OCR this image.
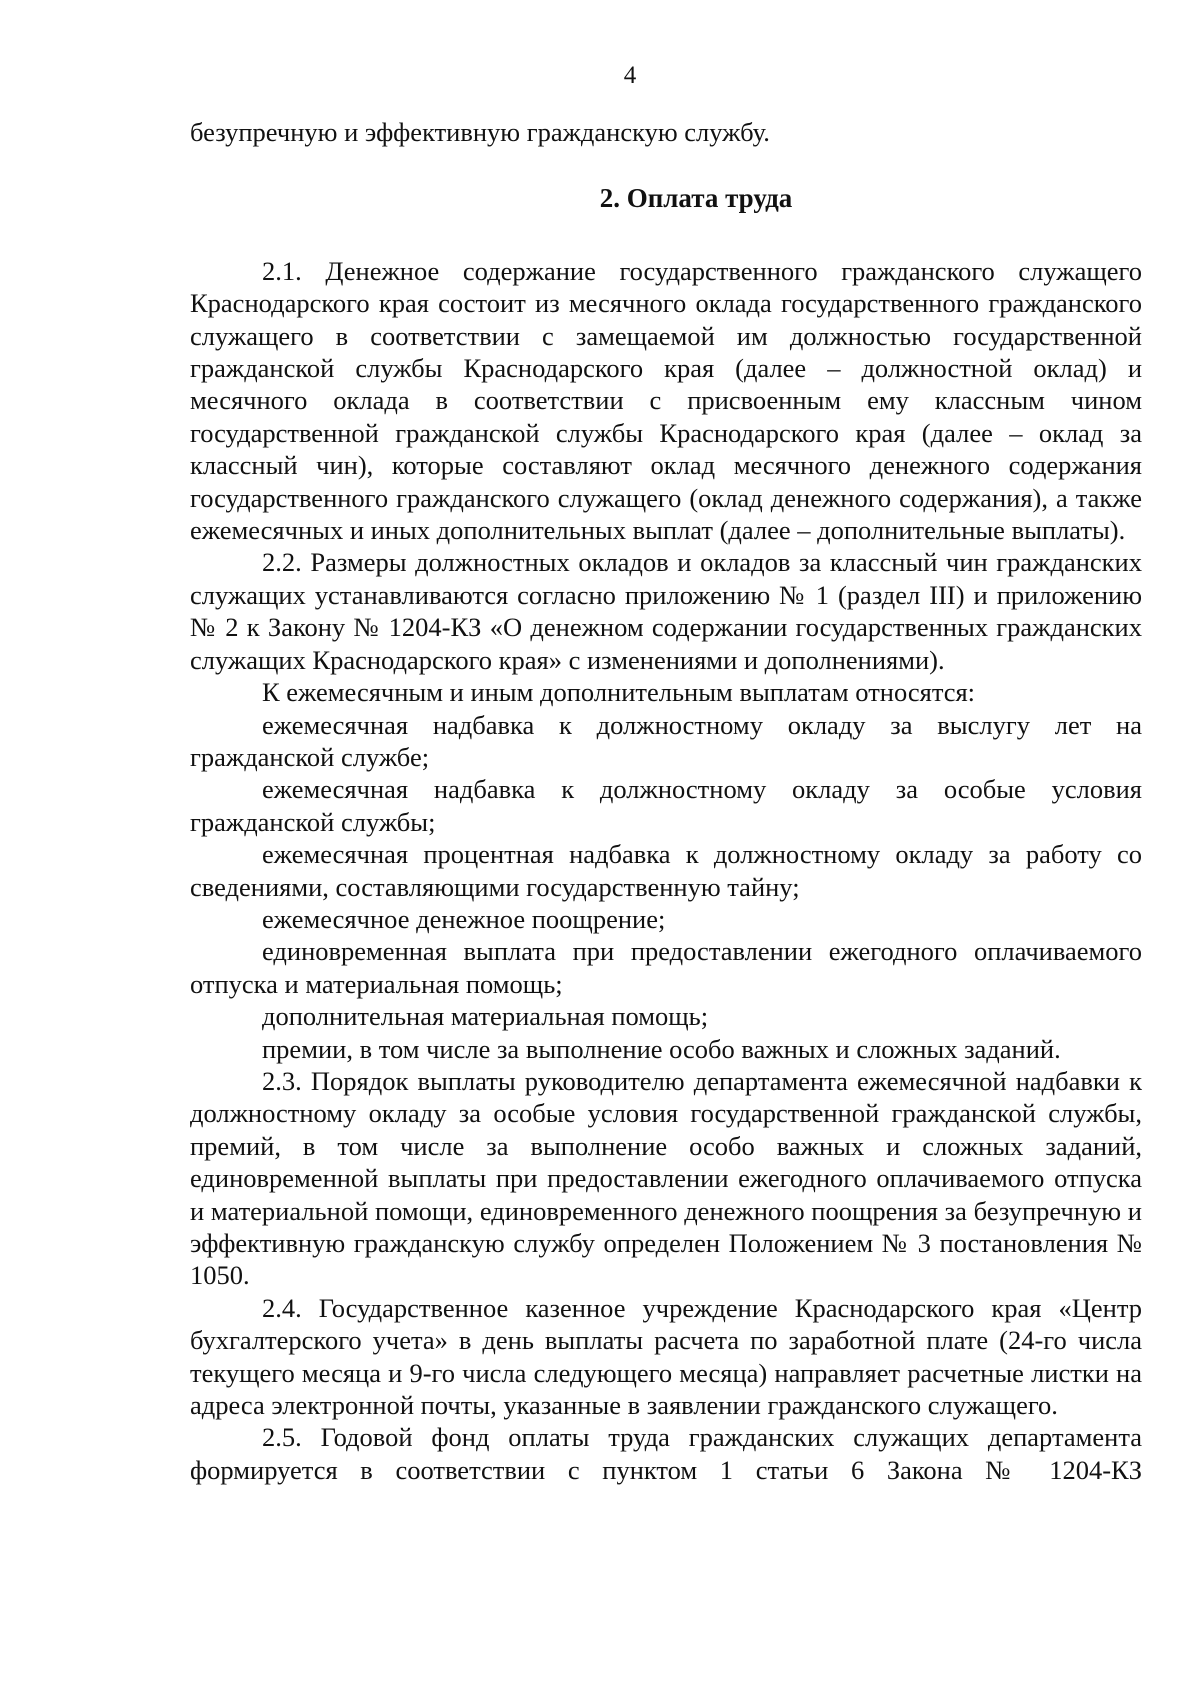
4

безупречную и эффективную гражданскую службу.

2. Оплата труда

2.1. Денежное содержание государственного гражданского служащего Краснодарского края состоит из месячного оклада государственного гражданского служащего в соответствии с замещаемой им должностью государственной гражданской службы Краснодарского края (далее – должностной оклад) и месячного оклада в соответствии с присвоенным ему классным чином государственной гражданской службы Краснодарского края (далее – оклад за классный чин), которые составляют оклад месячного денежного содержания государственного гражданского служащего (оклад денежного содержания), а также ежемесячных и иных дополнительных выплат (далее – дополнительные выплаты).

2.2. Размеры должностных окладов и окладов за классный чин гражданских служащих устанавливаются согласно приложению № 1 (раздел III) и приложению № 2 к Закону № 1204-КЗ «О денежном содержании государственных гражданских служащих Краснодарского края» с изменениями и дополнениями).

К ежемесячным и иным дополнительным выплатам относятся:

ежемесячная надбавка к должностному окладу за выслугу лет на гражданской службе;

ежемесячная надбавка к должностному окладу за особые условия гражданской службы;

ежемесячная процентная надбавка к должностному окладу за работу со сведениями, составляющими государственную тайну;

ежемесячное денежное поощрение;

единовременная выплата при предоставлении ежегодного оплачиваемого отпуска и материальная помощь;

дополнительная материальная помощь;

премии, в том числе за выполнение особо важных и сложных заданий.

2.3. Порядок выплаты руководителю департамента ежемесячной надбавки к должностному окладу за особые условия государственной гражданской службы, премий, в том числе за выполнение особо важных и сложных заданий, единовременной выплаты при предоставлении ежегодного оплачиваемого отпуска и материальной помощи, единовременного денежного поощрения за безупречную и эффективную гражданскую службу определен Положением № 3 постановления № 1050.

2.4. Государственное казенное учреждение Краснодарского края «Центр бухгалтерского учета» в день выплаты расчета по заработной плате (24-го числа текущего месяца и 9-го числа следующего месяца) направляет расчетные листки на адреса электронной почты, указанные в заявлении гражданского служащего.

2.5. Годовой фонд оплаты труда гражданских служащих департамента формируется в соответствии с пунктом 1 статьи 6 Закона № 1204-КЗ
